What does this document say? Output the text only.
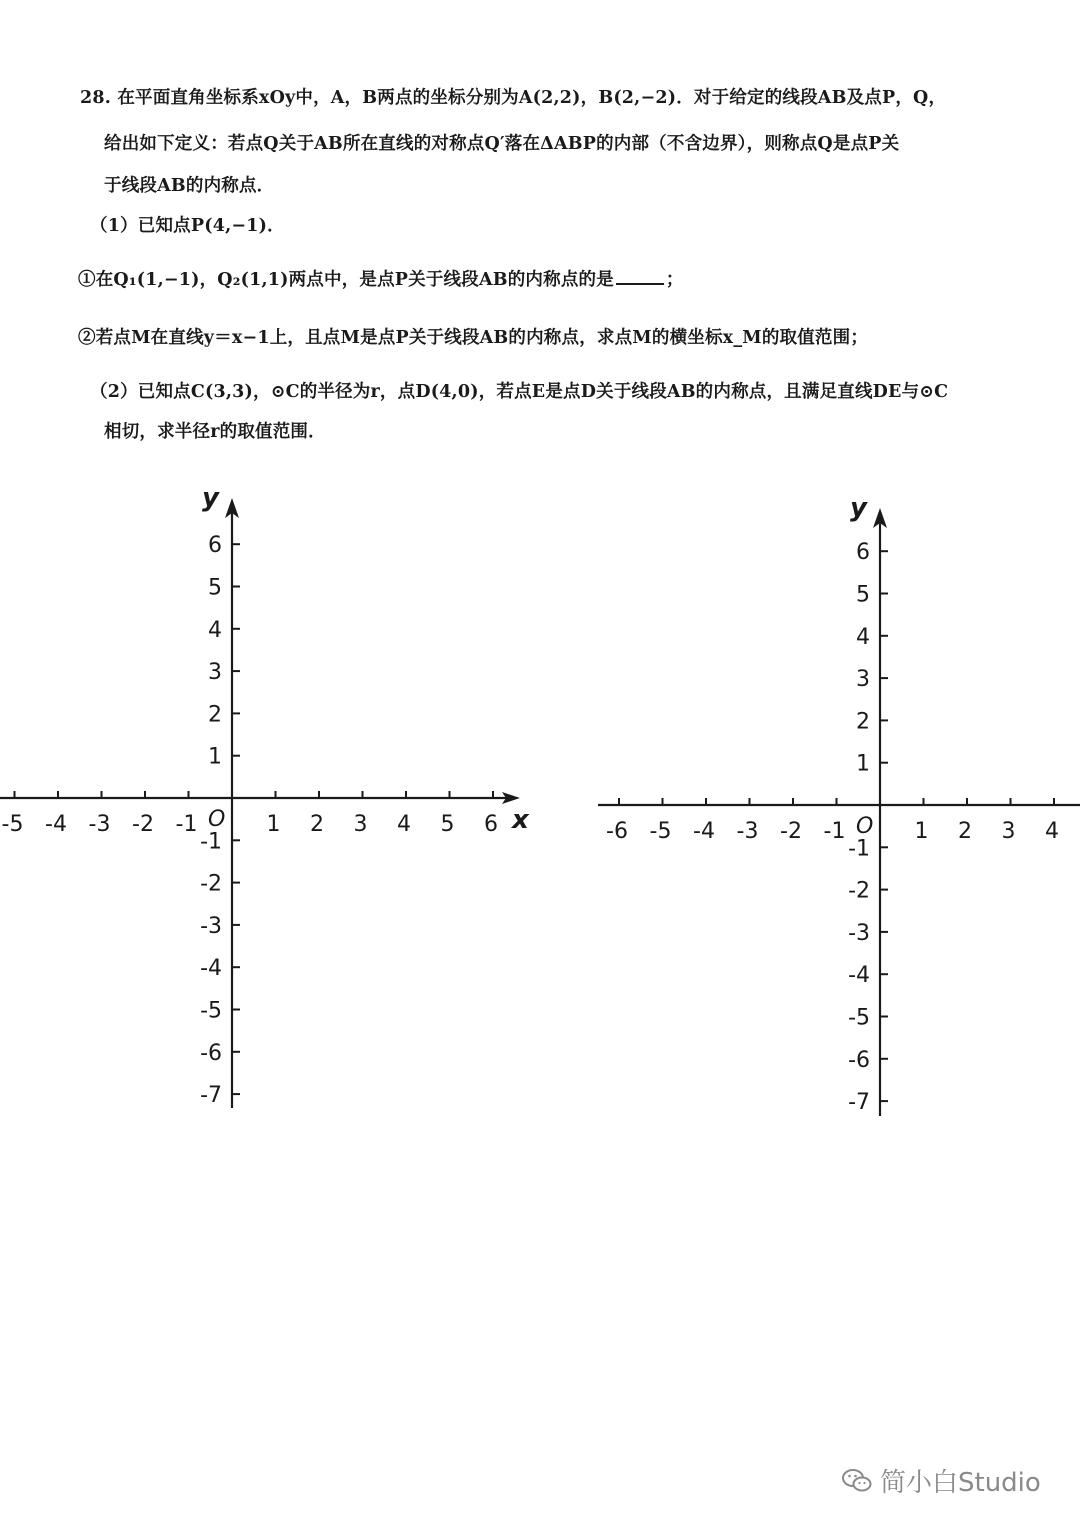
28. 在平面直角坐标系xOy中，A，B两点的坐标分别为A(2,2)，B(2,−2)．对于给定的线段AB及点P，Q，
给出如下定义：若点Q关于AB所在直线的对称点Q′落在ΔABP的内部（不含边界），则称点Q是点P关
于线段AB的内称点．
（1）已知点P(4,−1)．
①在Q₁(1,−1)，Q₂(1,1)两点中，是点P关于线段AB的内称点的是	；
②若点M在直线y＝x−1上，且点M是点P关于线段AB的内称点，求点M的横坐标x_M的取值范围；
（2）已知点C(3,3)，⊙C的半径为r，点D(4,0)，若点E是点D关于线段AB的内称点，且满足直线DE与⊙C
相切，求半径r的取值范围．
-5 -4 -3 -2 -1	1 2 3 4 5 6
6
5
4
3
2
1
-1
-2
-3
-4
-5
-6
-7
O
y
x	-6 -5 -4 -3 -2 -1	1 2 3 4
6
5
4
3
2
1
-1
-2
-3
-4
-5
-6
-7
O
y
简小白Studio
